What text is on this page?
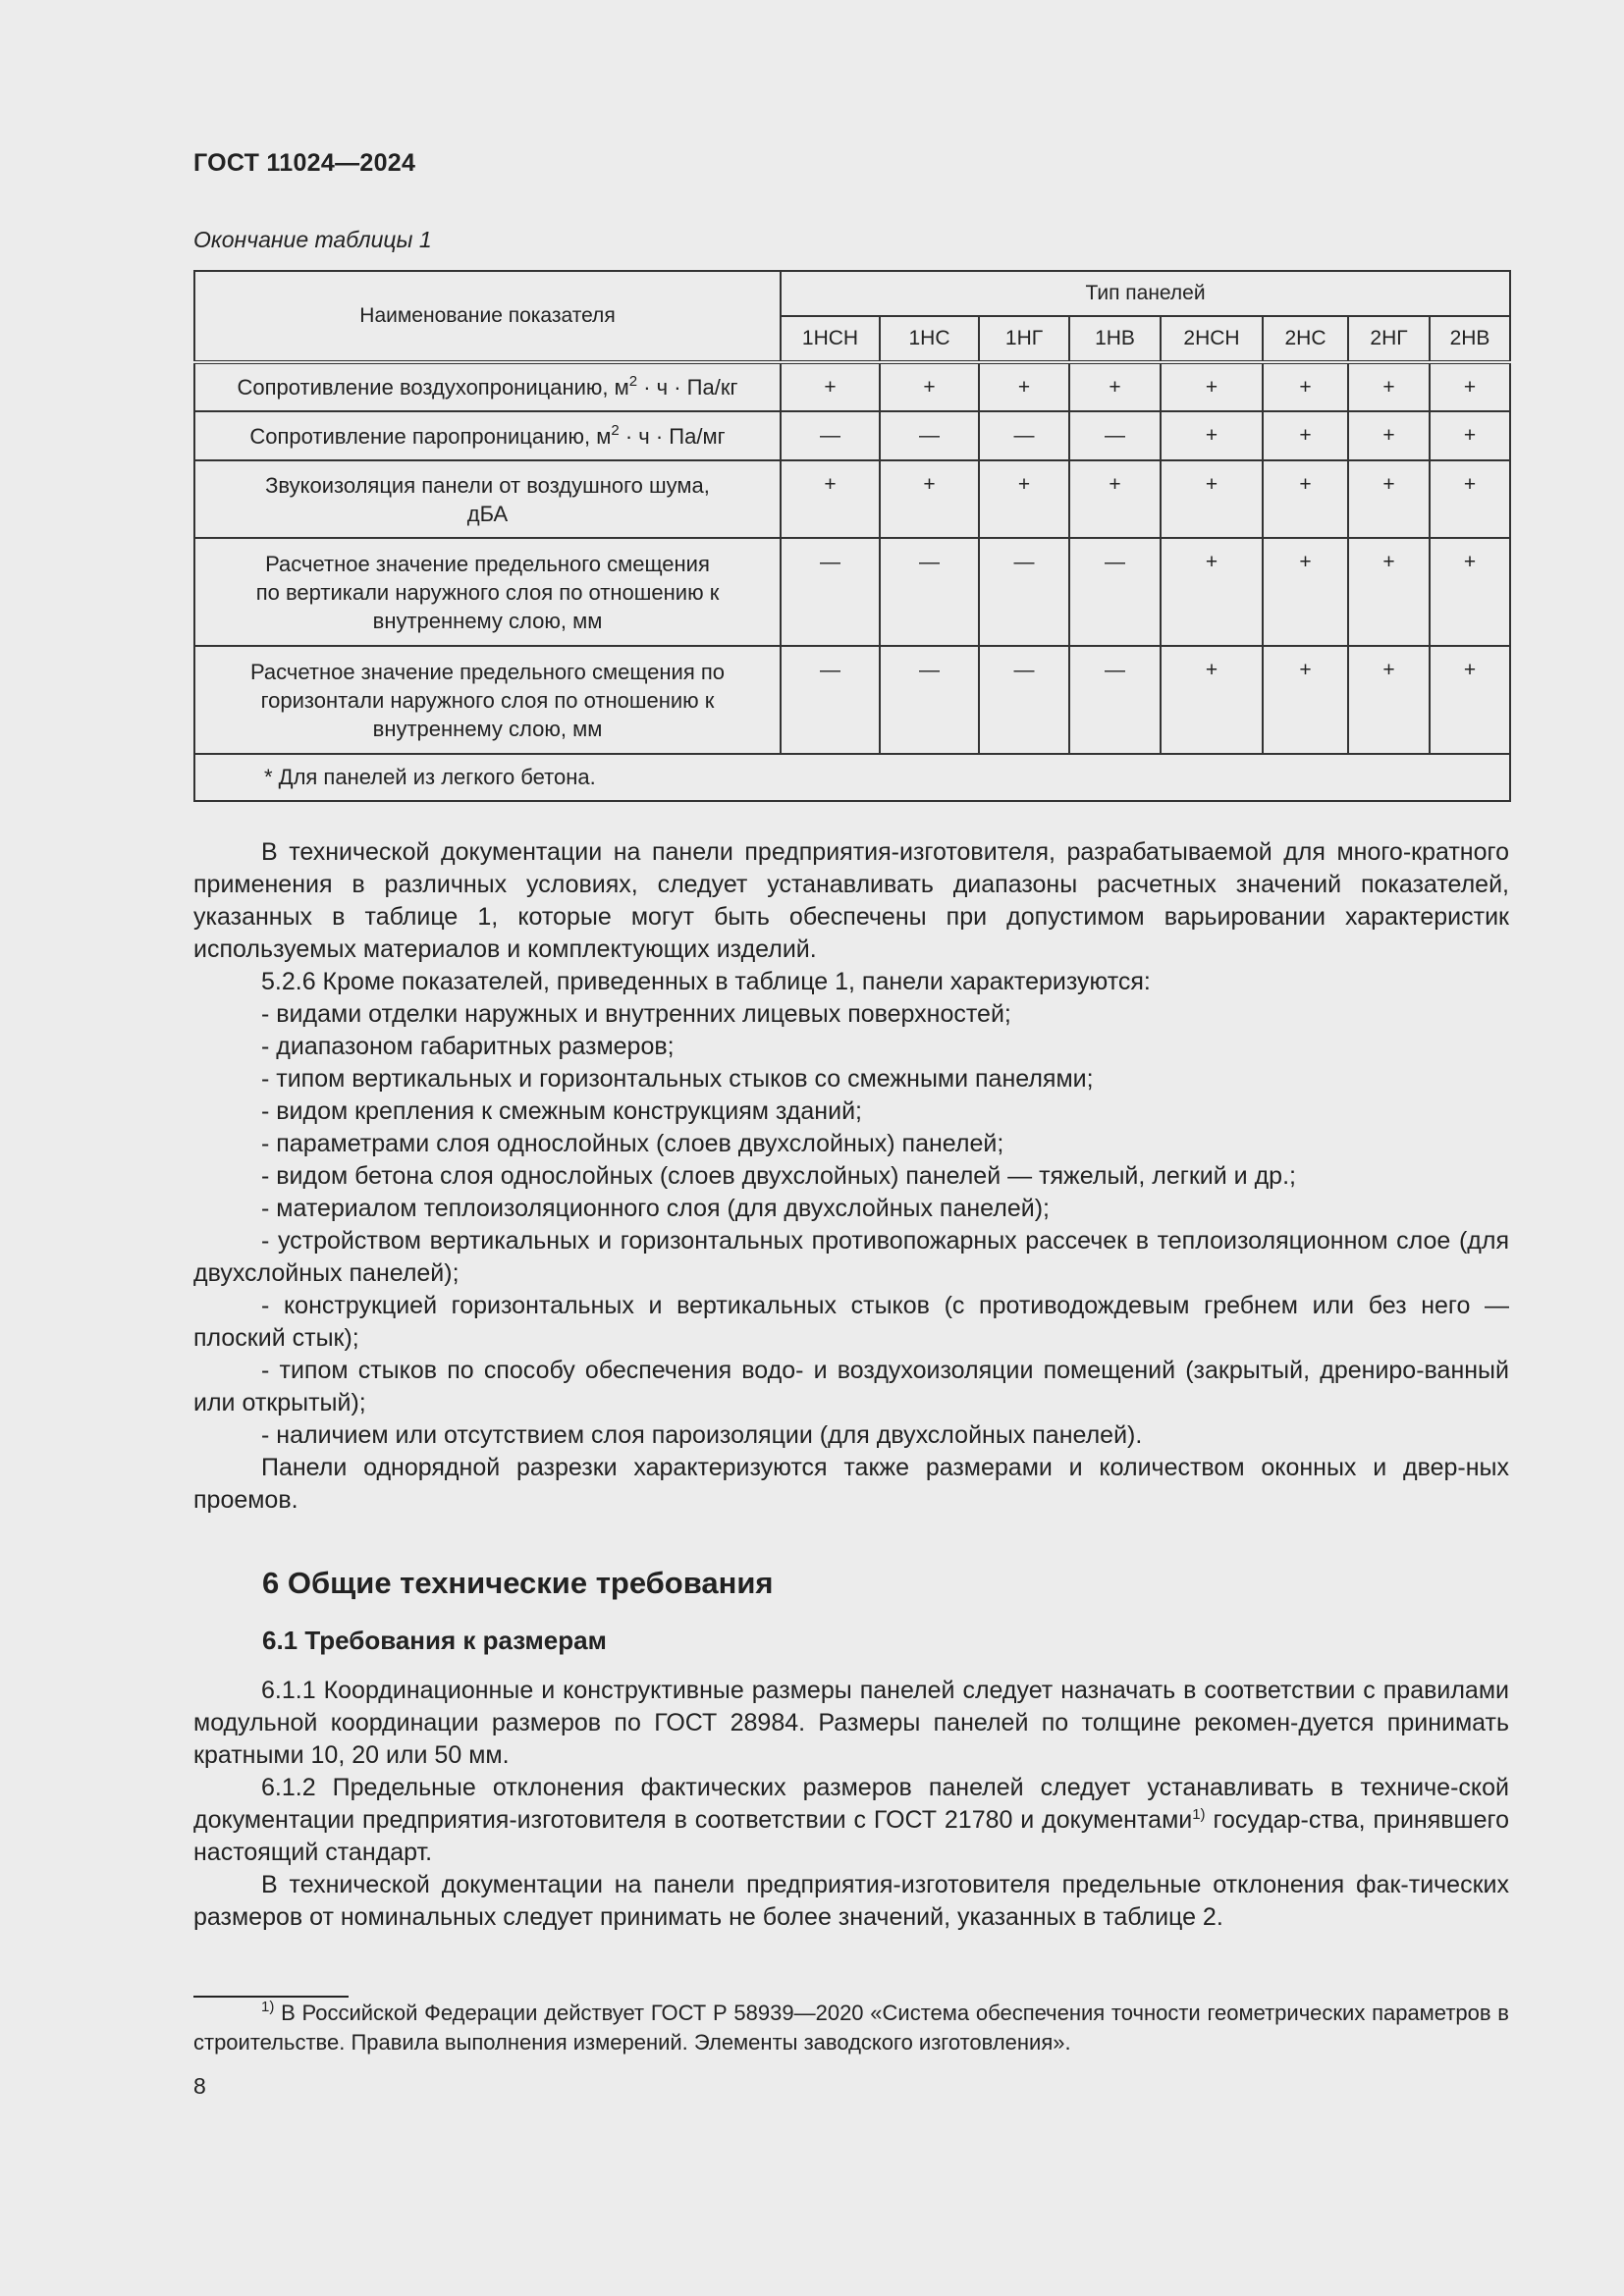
ГОСТ 11024—2024
Окончание таблицы 1
Наименование показателя	Тип панелей							
	1НСН	1НС	1НГ	1НВ	2НСН	2НС	2НГ	2НВ
Сопротивление воздухопроницанию, $м^2 \cdot ч \cdot Па/кг$	+	+	+	+	+	+	+	+
Сопротивление паропроницанию, $м^2 \cdot ч \cdot Па/мг$	—	—	—	—	+	+	+	+
Звукоизоляция панели от воздушного шума,
дБА	+	+	+	+	+	+	+	+
Расчетное значение предельного смещения
по вертикали наружного слоя по отношению к
внутреннему слою, мм	—	—	—	—	+	+	+	+
Расчетное значение предельного смещения по
горизонтали наружного слоя по отношению к
внутреннему слою, мм	—	—	—	—	+	+	+	+
* Для панелей из легкого бетона.								

В технической документации на панели предприятия-изготовителя, разрабатываемой для много-кратного применения в различных условиях, следует устанавливать диапазоны расчетных значений показателей, указанных в таблице 1, которые могут быть обеспечены при допустимом варьировании характеристик используемых материалов и комплектующих изделий.

5.2.6 Кроме показателей, приведенных в таблице 1, панели характеризуются:

- видами отделки наружных и внутренних лицевых поверхностей;

- диапазоном габаритных размеров;

- типом вертикальных и горизонтальных стыков со смежными панелями;

- видом крепления к смежным конструкциям зданий;

- параметрами слоя однослойных (слоев двухслойных) панелей;

- видом бетона слоя однослойных (слоев двухслойных) панелей — тяжелый, легкий и др.;

- материалом теплоизоляционного слоя (для двухслойных панелей);

- устройством вертикальных и горизонтальных противопожарных рассечек в теплоизоляционном слое (для двухслойных панелей);

- конструкцией горизонтальных и вертикальных стыков (с противодождевым гребнем или без него — плоский стык);

- типом стыков по способу обеспечения водо- и воздухоизоляции помещений (закрытый, дрениро-ванный или открытый);

- наличием или отсутствием слоя пароизоляции (для двухслойных панелей).

Панели однорядной разрезки характеризуются также размерами и количеством оконных и двер-ных проемов.

6 Общие технические требования
6.1 Требования к размерам

6.1.1 Координационные и конструктивные размеры панелей следует назначать в соответствии с правилами модульной координации размеров по ГОСТ 28984. Размеры панелей по толщине рекомен-дуется принимать кратными 10, 20 или 50 мм.

6.1.2 Предельные отклонения фактических размеров панелей следует устанавливать в техниче-ской документации предприятия-изготовителя в соответствии с ГОСТ 21780 и документами$^{1)}$ государ-ства, принявшего настоящий стандарт.

В технической документации на панели предприятия-изготовителя предельные отклонения фак-тических размеров от номинальных следует принимать не более значений, указанных в таблице 2.

$^{1)}$ В Российской Федерации действует ГОСТ Р 58939—2020 «Система обеспечения точности геометрических параметров в строительстве. Правила выполнения измерений. Элементы заводского изготовления».
8
